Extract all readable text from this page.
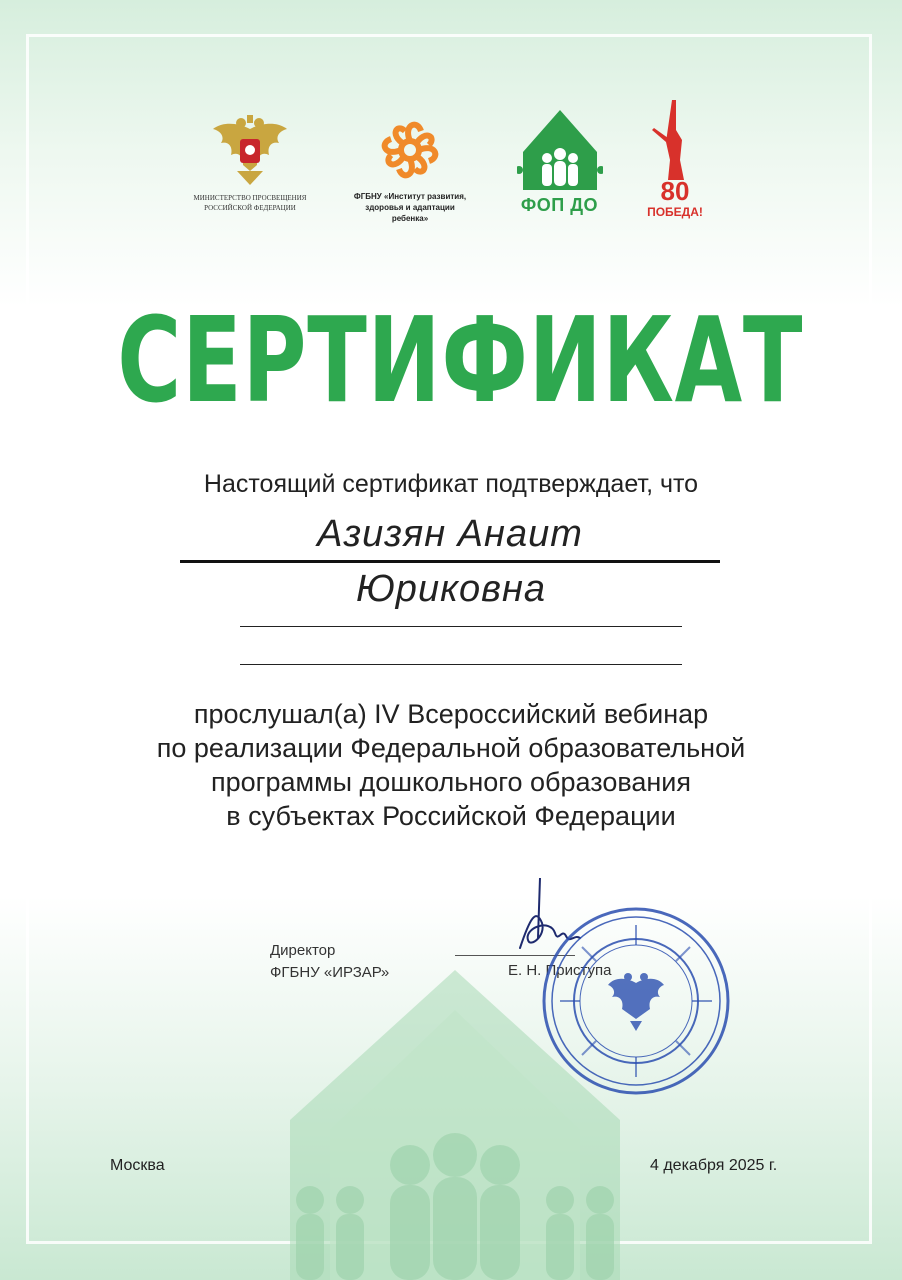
МИНИСТЕРСТВО ПРОСВЕЩЕНИЯ
РОССИЙСКОЙ ФЕДЕРАЦИИ
ФГБНУ «Институт развития,
здоровья и адаптации
ребенка»
ФОП ДО	80
ПОБЕДА!
СЕРТИФИКАТ
Настоящий сертификат подтверждает, что
Азизян Анаит
Юриковна
прослушал(а) IV Всероссийский вебинар
по реализации Федеральной образовательной
программы дошкольного образования
в субъектах Российской Федерации
Директор
ФГБНУ «ИРЗАР»	Е. Н. Приступа
Москва	4 декабря 2025 г.
